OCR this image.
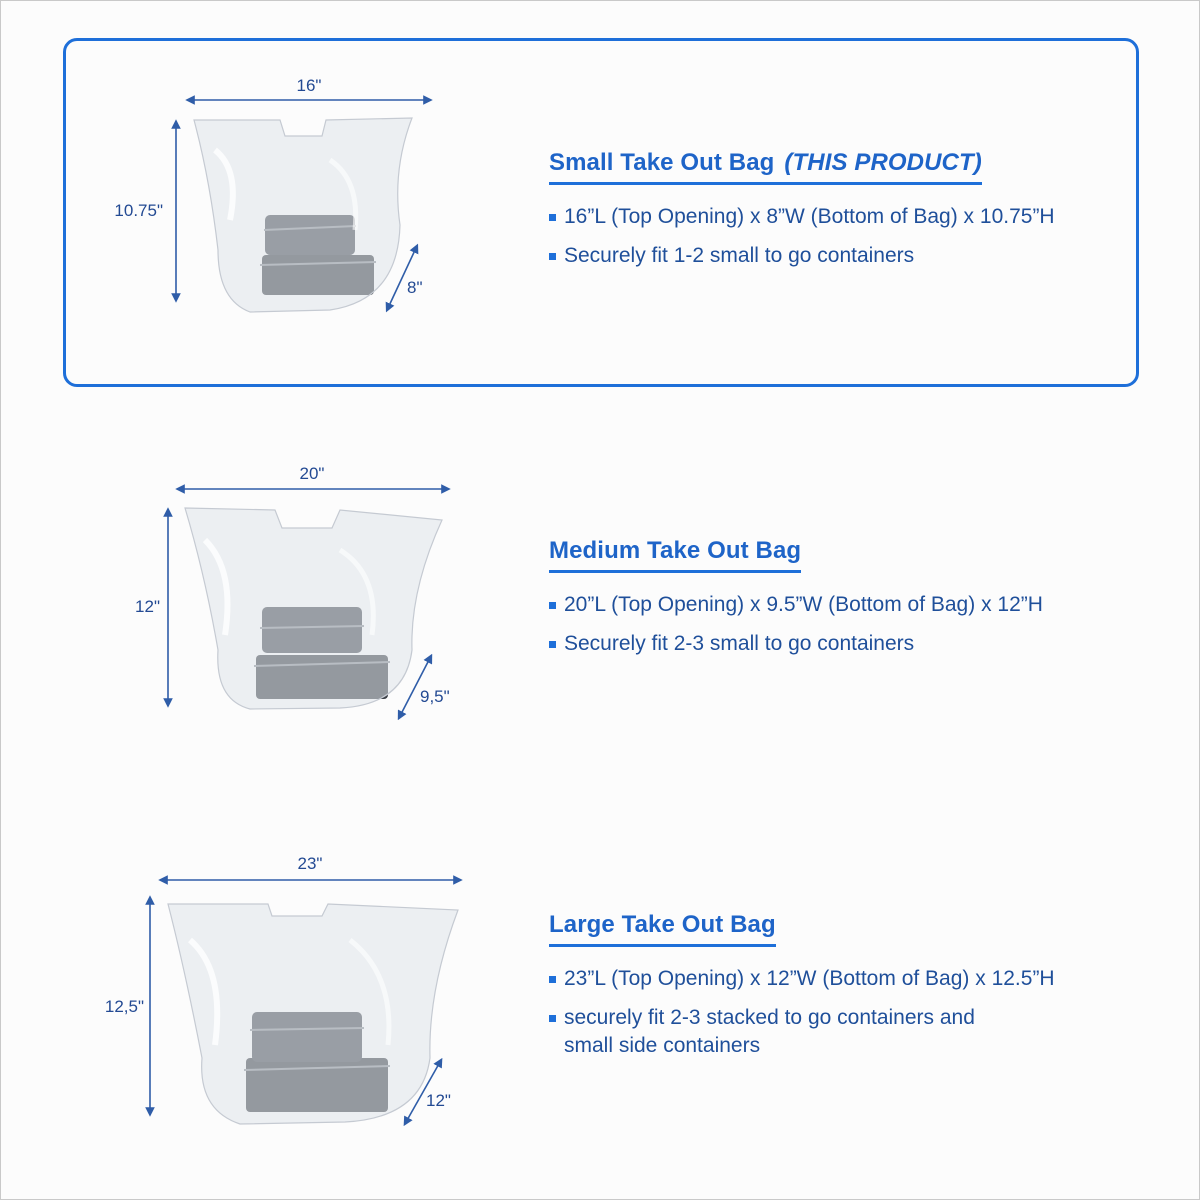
16"
10.75"
8"
Small Take Out Bag (THIS PRODUCT)
16”L (Top Opening) x 8”W (Bottom of Bag) x 10.75”H
Securely fit 1-2 small to go containers
20"
12"
9,5"
Medium Take Out Bag
20”L (Top Opening) x 9.5”W (Bottom of Bag) x 12”H
Securely fit 2-3 small to go containers
23"
12,5"
12"
Large Take Out Bag
23”L (Top Opening) x 12”W (Bottom of Bag) x 12.5”H
securely fit 2-3 stacked to go containers and small side containers
